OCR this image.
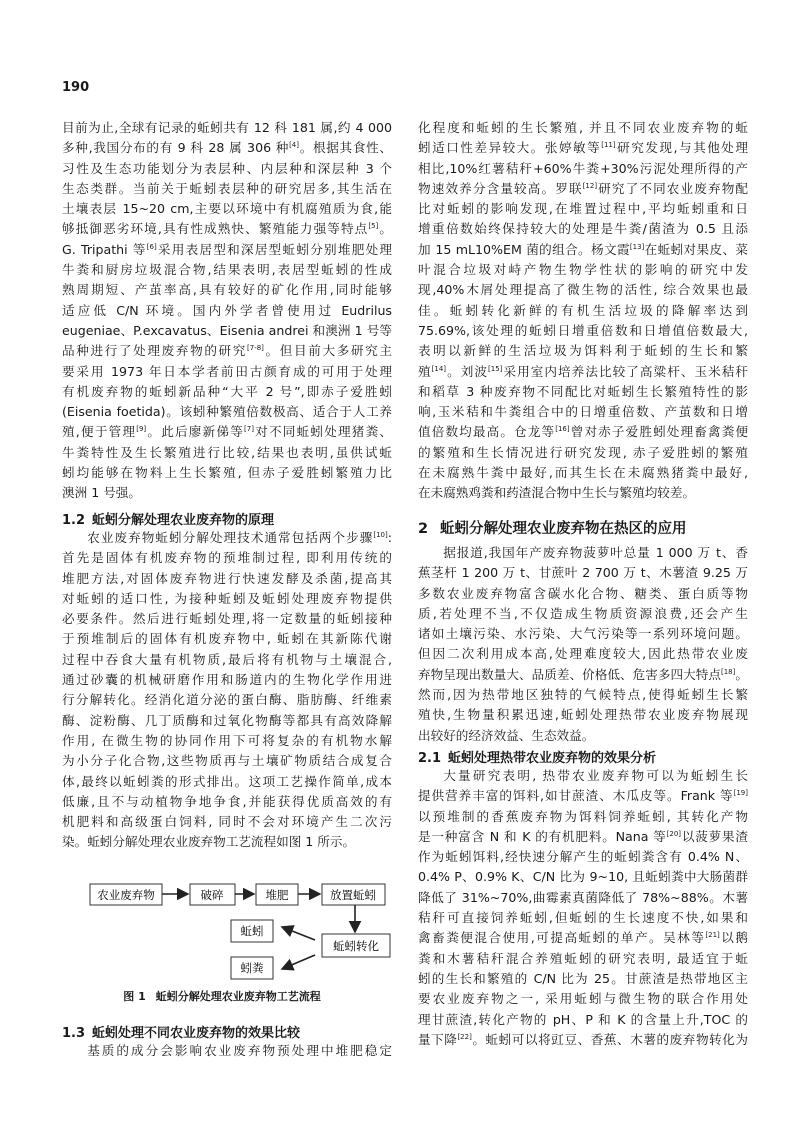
190
目前为止,全球有记录的蚯蚓共有 12 科 181 属,约 4 000
多种,我国分布的有 9 科 28 属 306 种[4]。根据其食性、
习性及生态功能划分为表层种、内层种和深层种 3 个
生态类群。当前关于蚯蚓表层种的研究居多,其生活在
土壤表层 15~20 cm,主要以环境中有机腐殖质为食,能
够抵御恶劣环境,具有性成熟快、繁殖能力强等特点[5]。
G. Tripathi 等[6]采用表居型和深居型蚯蚓分别堆肥处理
牛粪和厨房垃圾混合物,结果表明,表居型蚯蚓的性成
熟周期短、产茧率高,具有较好的矿化作用,同时能够
适应低 C/N 环境。国内外学者曾使用过 Eudrilus
eugeniae、P.excavatus、Eisenia andrei 和澳洲 1 号等
品种进行了处理废弃物的研究[7-8]。但目前大多研究主
要采用 1973 年日本学者前田古颜育成的可用于处理
有机废弃物的蚯蚓新品种“大平 2 号”,即赤子爱胜蚓
(Eisenia foetida)。该蚓种繁殖倍数极高、适合于人工养
殖,便于管理[9]。此后廖新俤等[7]对不同蚯蚓处理猪粪、
牛粪特性及生长繁殖进行比较,结果也表明,虽供试蚯
蚓均能够在物料上生长繁殖, 但赤子爱胜蚓繁殖力比
澳洲 1 号强。
1.2 蚯蚓分解处理农业废弃物的原理
农业废弃物蚯蚓分解处理技术通常包括两个步骤[10]:
首先是固体有机废弃物的预堆制过程, 即利用传统的
堆肥方法,对固体废弃物进行快速发酵及杀菌,提高其
对蚯蚓的适口性, 为接种蚯蚓及蚯蚓处理废弃物提供
必要条件。然后进行蚯蚓处理,将一定数量的蚯蚓接种
于预堆制后的固体有机废弃物中, 蚯蚓在其新陈代谢
过程中吞食大量有机物质,最后将有机物与土壤混合,
通过砂囊的机械研磨作用和肠道内的生物化学作用进
行分解转化。经消化道分泌的蛋白酶、脂肪酶、纤维素
酶、淀粉酶、几丁质酶和过氧化物酶等都具有高效降解
作用, 在微生物的协同作用下可将复杂的有机物水解
为小分子化合物,这些物质再与土壤矿物质结合成复合
体,最终以蚯蚓粪的形式排出。这项工艺操作简单,成本
低廉,且不与动植物争地争食,并能获得优质高效的有
机肥料和高级蛋白饲料, 同时不会对环境产生二次污
染。蚯蚓分解处理农业废弃物工艺流程如图 1 所示。
农业废弃物	破碎	堆肥	放置蚯蚓
蚯蚓转化
蚯蚓
蚓粪
图 1 蚯蚓分解处理农业废弃物工艺流程
1.3 蚯蚓处理不同农业废弃物的效果比较
基质的成分会影响农业废弃物预处理中堆肥稳定
化程度和蚯蚓的生长繁殖, 并且不同农业废弃物的蚯
蚓适口性差异较大。张婷敏等[11]研究发现,与其他处理
相比,10%红薯秸秆+60%牛粪+30%污泥处理所得的产
物速效养分含量较高。罗联[12]研究了不同农业废弃物配
比对蚯蚓的影响发现,在堆置过程中,平均蚯蚓重和日
增重倍数始终保持较大的处理是牛粪/菌渣为 0.5 且添
加 15 mL10%EM 菌的组合。杨文霞[13]在蚯蚓对果皮、菜
叶混合垃圾对峙产物生物学性状的影响的研究中发
现,40%木屑处理提高了微生物的活性, 综合效果也最
佳。蚯蚓转化新鲜的有机生活垃圾的降解率达到
75.69%,该处理的蚯蚓日增重倍数和日增值倍数最大,
表明以新鲜的生活垃圾为饵料利于蚯蚓的生长和繁
殖[14]。刘波[15]采用室内培养法比较了高粱杆、玉米秸秆
和稻草 3 种废弃物不同配比对蚯蚓生长繁殖特性的影
响,玉米秸和牛粪组合中的日增重倍数、产茧数和日增
值倍数均最高。仓龙等[16]曾对赤子爱胜蚓处理畜禽粪便
的繁殖和生长情况进行研究发现, 赤子爱胜蚓的繁殖
在未腐熟牛粪中最好,而其生长在未腐熟猪粪中最好,
在未腐熟鸡粪和药渣混合物中生长与繁殖均较差。
2 蚯蚓分解处理农业废弃物在热区的应用
据报道,我国年产废弃物菠萝叶总量 1 000 万 t、香
蕉茎杆 1 200 万 t、甘蔗叶 2 700 万 t、木薯渣 9.25 万
多数农业废弃物富含碳水化合物、糖类、蛋白质等物
质,若处理不当,不仅造成生物质资源浪费,还会产生
诸如土壤污染、水污染、大气污染等一系列环境问题。
但因二次利用成本高,处理难度较大,因此热带农业废
弃物呈现出数量大、品质差、价格低、危害多四大特点[18]。
然而,因为热带地区独特的气候特点,使得蚯蚓生长繁
殖快,生物量积累迅速,蚯蚓处理热带农业废弃物展现
出较好的经济效益、生态效益。
2.1 蚯蚓处理热带农业废弃物的效果分析
大量研究表明, 热带农业废弃物可以为蚯蚓生长
提供营养丰富的饵料,如甘蔗渣、木瓜皮等。Frank 等[19]
以预堆制的香蕉废弃物为饵料饲养蚯蚓, 其转化产物
是一种富含 N 和 K 的有机肥料。Nana 等[20]以菠萝果渣
作为蚯蚓饵料,经快速分解产生的蚯蚓粪含有 0.4% N、
0.4% P、0.9% K、C/N 比为 9~10, 且蚯蚓粪中大肠菌群
降低了 31%~70%,曲霉素真菌降低了 78%~88%。木薯
秸秆可直接饲养蚯蚓,但蚯蚓的生长速度不快,如果和
禽畜粪便混合使用,可提高蚯蚓的单产。吴林等[21]以鹅
粪和木薯秸秆混合养殖蚯蚓的研究表明, 最适宜于蚯
蚓的生长和繁殖的 C/N 比为 25。甘蔗渣是热带地区主
要农业废弃物之一, 采用蚯蚓与微生物的联合作用处
理甘蔗渣,转化产物的 pH、P 和 K 的含量上升,TOC 的
量下降[22]。蚯蚓可以将豇豆、香蕉、木薯的废弃物转化为
